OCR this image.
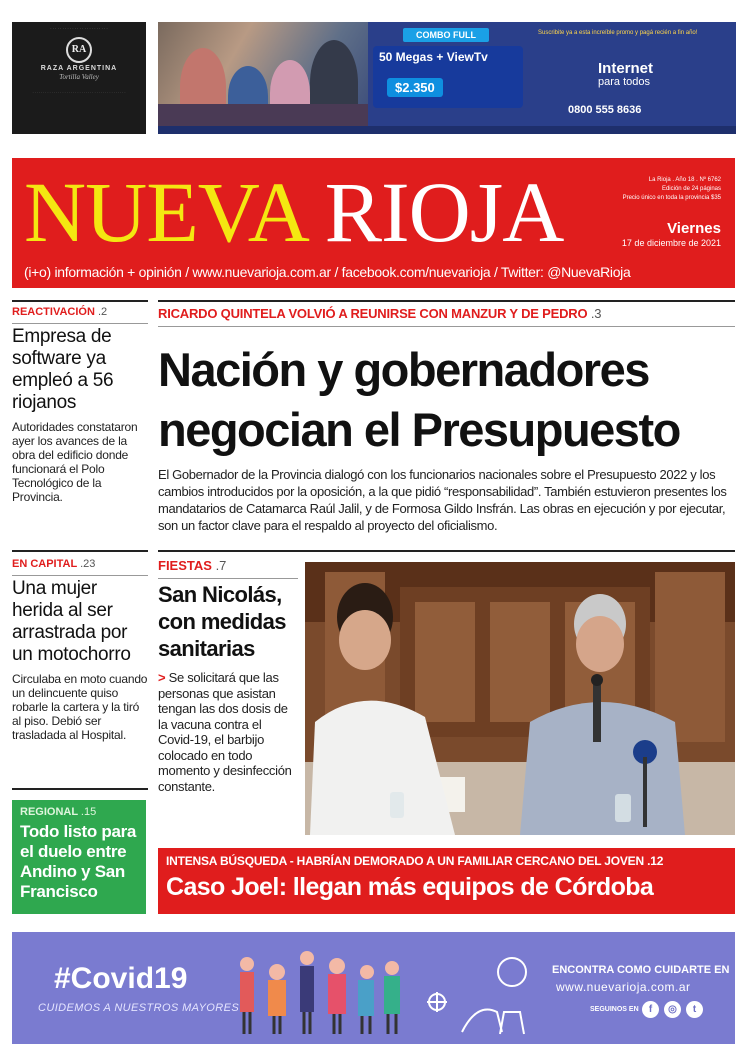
· · · · · · · · · · · · · · · · · · · · · · · ·
RA
RAZA ARGENTINA
Tortilla Valley
· · · · · · · · · · · · · · · · · · · · · · · · · · · · · · · · · · · · · · · · · · · ·
COMBO FULL
50 Megas + ViewTv
$2.350
Suscribite ya a esta increíble promo y pagá recién a fin año!
Internet
para todos
0800 555 8636
NUEVA RIOJA	La Rioja . Año 18 . Nº 6762
Edición de 24 páginas
Precio único en toda la provincia $35
Viernes
17 de diciembre de 2021
(i+o) información + opinión / www.nuevarioja.com.ar / facebook.com/nuevarioja / Twitter: @NuevaRioja
REACTIVACIÓN .2
Empresa de software ya empleó a 56 riojanos
Autoridades constataron ayer los avances de la obra del edificio donde funcionará el Polo Tecnológico de la Provincia.
EN CAPITAL .23
Una mujer herida al ser arrastrada por un motochorro
Circulaba en moto cuando un delincuente quiso robarle la cartera y la tiró al piso. Debió ser trasladada al Hospital.
REGIONAL .15
Todo listo para el duelo entre Andino y San Francisco
RICARDO QUINTELA VOLVIÓ A REUNIRSE CON MANZUR Y DE PEDRO .3
Nación y gobernadores negocian el Presupuesto
El Gobernador de la Provincia dialogó con los funcionarios nacionales sobre el Presupuesto 2022 y los cambios introducidos por la oposición, a la que pidió “responsabilidad”. También estuvieron presentes los mandatarios de Catamarca Raúl Jalil, y de Formosa Gildo Insfrán. Las obras en ejecución y por ejecutar, son un factor clave para el respaldo al proyecto del oficialismo.
FIESTAS .7
San Nicolás, con medidas sanitarias
> Se solicitará que las personas que asistan tengan las dos dosis de la vacuna contra el Covid-19, el barbijo colocado en todo momento y desinfección constante.
INTENSA BÚSQUEDA - HABRÍAN DEMORADO A UN FAMILIAR CERCANO DEL JOVEN .12
Caso Joel: llegan más equipos de Córdoba
#Covid19
CUIDEMOS A NUESTROS MAYORES
ENCONTRA COMO CUIDARTE EN
www.nuevarioja.com.ar
SEGUINOS EN	f	◎	t
